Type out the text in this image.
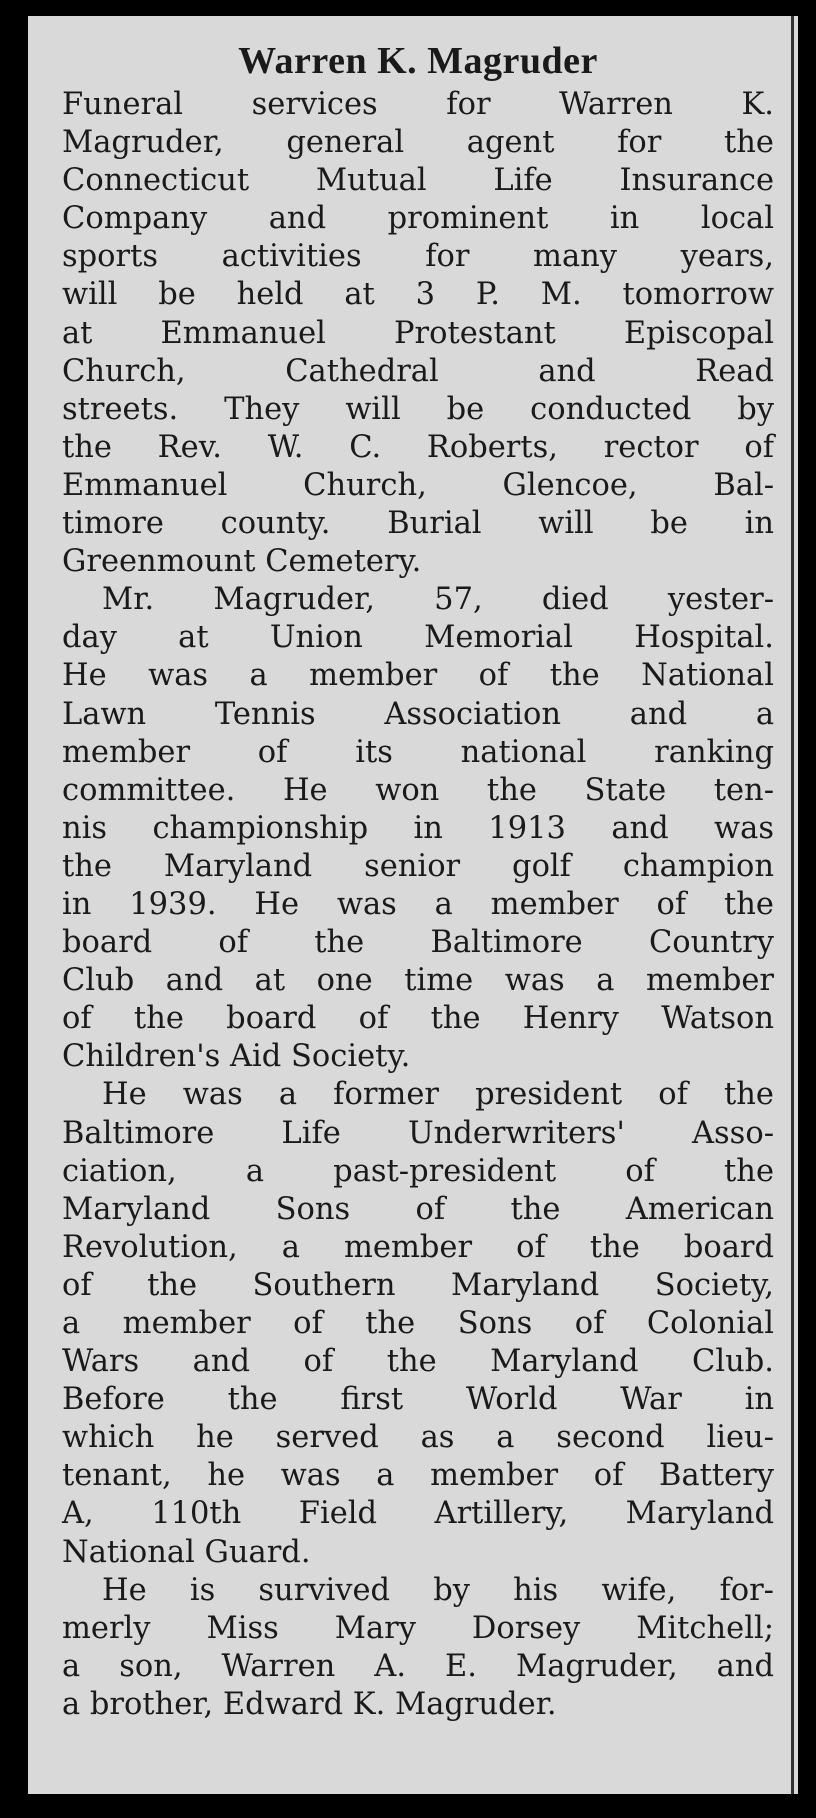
Warren K. Magruder
Funeral services for Warren K.
Magruder, general agent for the
Connecticut Mutual Life Insurance
Company and prominent in local
sports activities for many years,
will be held at 3 P. M. tomorrow
at Emmanuel Protestant Episcopal
Church, Cathedral and Read
streets. They will be conducted by
the Rev. W. C. Roberts, rector of
Emmanuel Church, Glencoe, Bal-
timore county. Burial will be in
Greenmount Cemetery.
Mr. Magruder, 57, died yester-
day at Union Memorial Hospital.
He was a member of the National
Lawn Tennis Association and a
member of its national ranking
committee. He won the State ten-
nis championship in 1913 and was
the Maryland senior golf champion
in 1939. He was a member of the
board of the Baltimore Country
Club and at one time was a member
of the board of the Henry Watson
Children's Aid Society.
He was a former president of the
Baltimore Life Underwriters' Asso-
ciation, a past-president of the
Maryland Sons of the American
Revolution, a member of the board
of the Southern Maryland Society,
a member of the Sons of Colonial
Wars and of the Maryland Club.
Before the first World War in
which he served as a second lieu-
tenant, he was a member of Battery
A, 110th Field Artillery, Maryland
National Guard.
He is survived by his wife, for-
merly Miss Mary Dorsey Mitchell;
a son, Warren A. E. Magruder, and
a brother, Edward K. Magruder.
